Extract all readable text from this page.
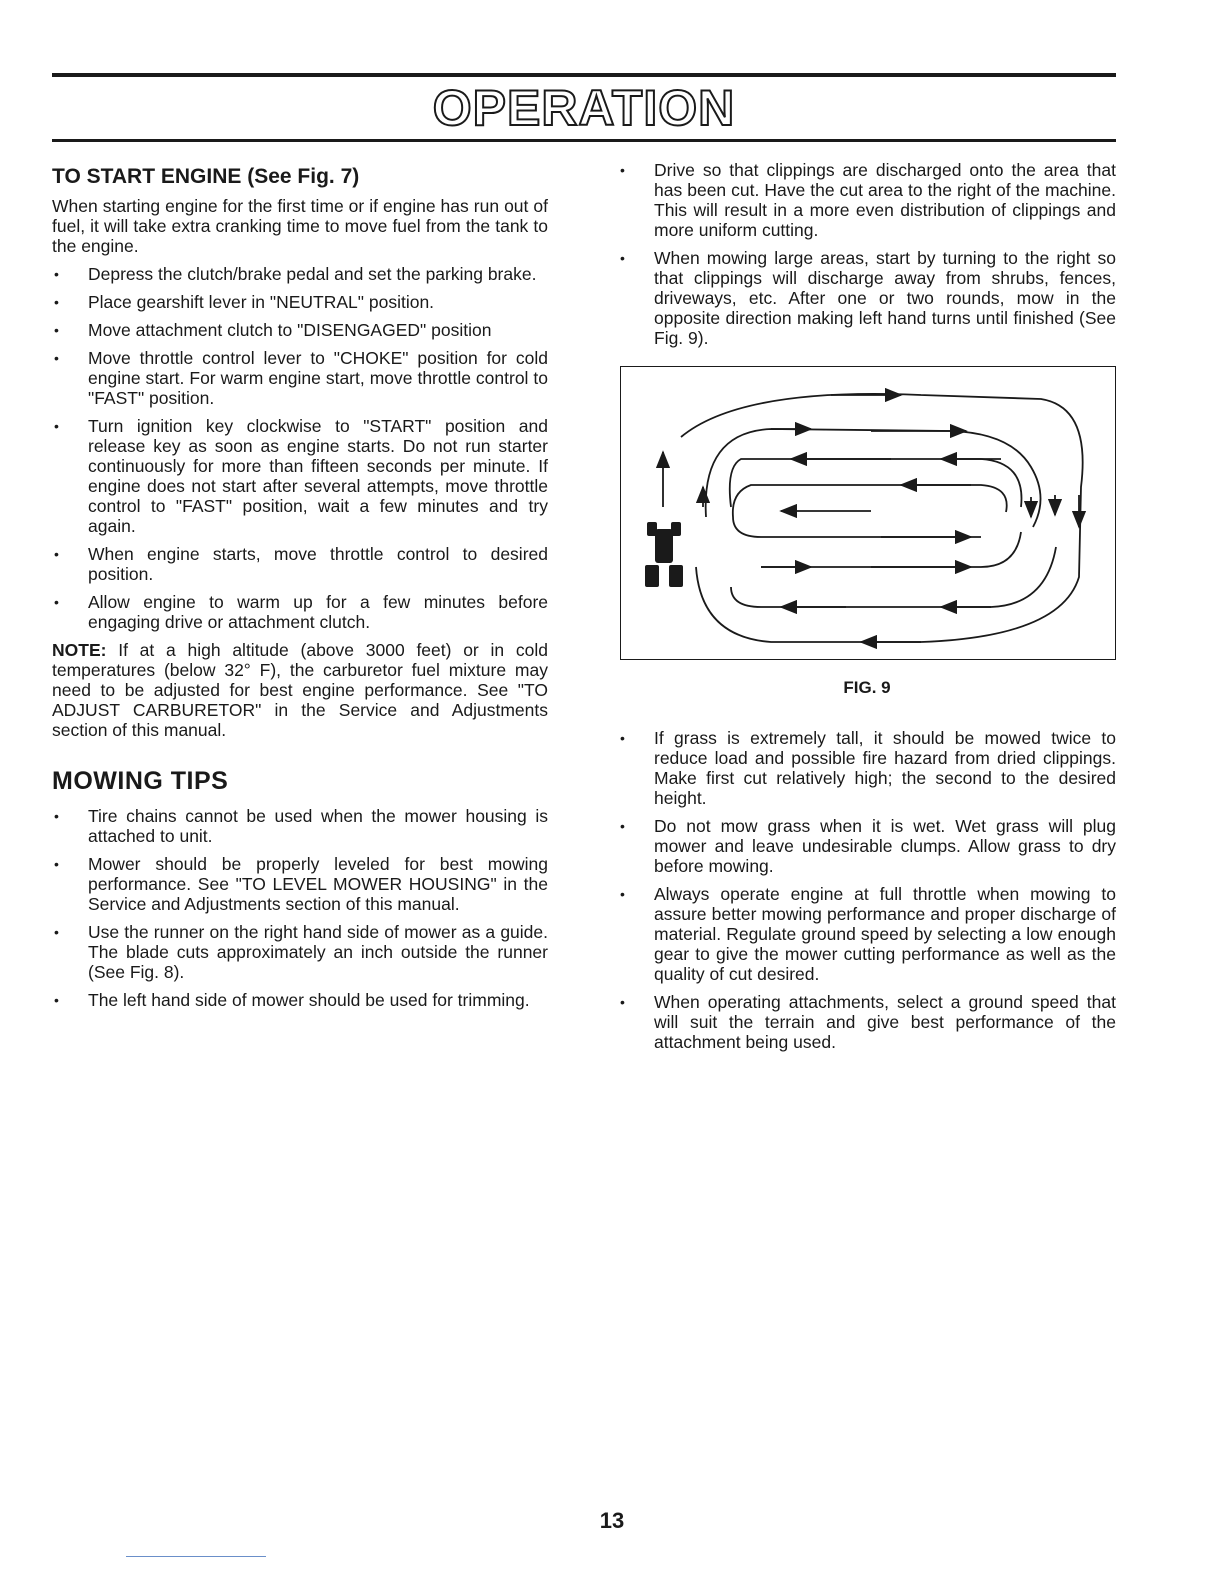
OPERATION
TO START ENGINE (See Fig. 7)

When starting engine for the first time or if engine has run out of fuel, it will take extra cranking time to move fuel from the tank to the engine.

• Depress the clutch/brake pedal and set the parking brake.
• Place gearshift lever in "NEUTRAL" position.
• Move attachment clutch to "DISENGAGED" position
• Move throttle control lever to "CHOKE" position for cold engine start. For warm engine start, move throttle control to "FAST" position.
• Turn ignition key clockwise to "START" position and release key as soon as engine starts. Do not run starter continuously for more than fifteen seconds per minute. If engine does not start after several attempts, move throttle control to "FAST" position, wait a few minutes and try again.
• When engine starts, move throttle control to desired position.
• Allow engine to warm up for a few minutes before engaging drive or attachment clutch.

NOTE: If at a high altitude (above 3000 feet) or in cold temperatures (below 32° F), the carburetor fuel mixture may need to be adjusted for best engine performance. See "TO ADJUST CARBURETOR" in the Service and Adjustments section of this manual.

MOWING TIPS
• Tire chains cannot be used when the mower housing is attached to unit.
• Mower should be properly leveled for best mowing performance. See "TO LEVEL MOWER HOUSING" in the Service and Adjustments section of this manual.
• Use the runner on the right hand side of mower as a guide. The blade cuts approximately an inch outside the runner (See Fig. 8).
• The left hand side of mower should be used for trimming.
• Drive so that clippings are discharged onto the area that has been cut. Have the cut area to the right of the machine. This will result in a more even distribution of clippings and more uniform cutting.
• When mowing large areas, start by turning to the right so that clippings will discharge away from shrubs, fences, driveways, etc. After one or two rounds, mow in the opposite direction making left hand turns until finished (See Fig. 9).
FIG. 9
• If grass is extremely tall, it should be mowed twice to reduce load and possible fire hazard from dried clippings. Make first cut relatively high; the second to the desired height.
• Do not mow grass when it is wet. Wet grass will plug mower and leave undesirable clumps. Allow grass to dry before mowing.
• Always operate engine at full throttle when mowing to assure better mowing performance and proper discharge of material. Regulate ground speed by selecting a low enough gear to give the mower cutting performance as well as the quality of cut desired.
• When operating attachments, select a ground speed that will suit the terrain and give best performance of the attachment being used.
13
